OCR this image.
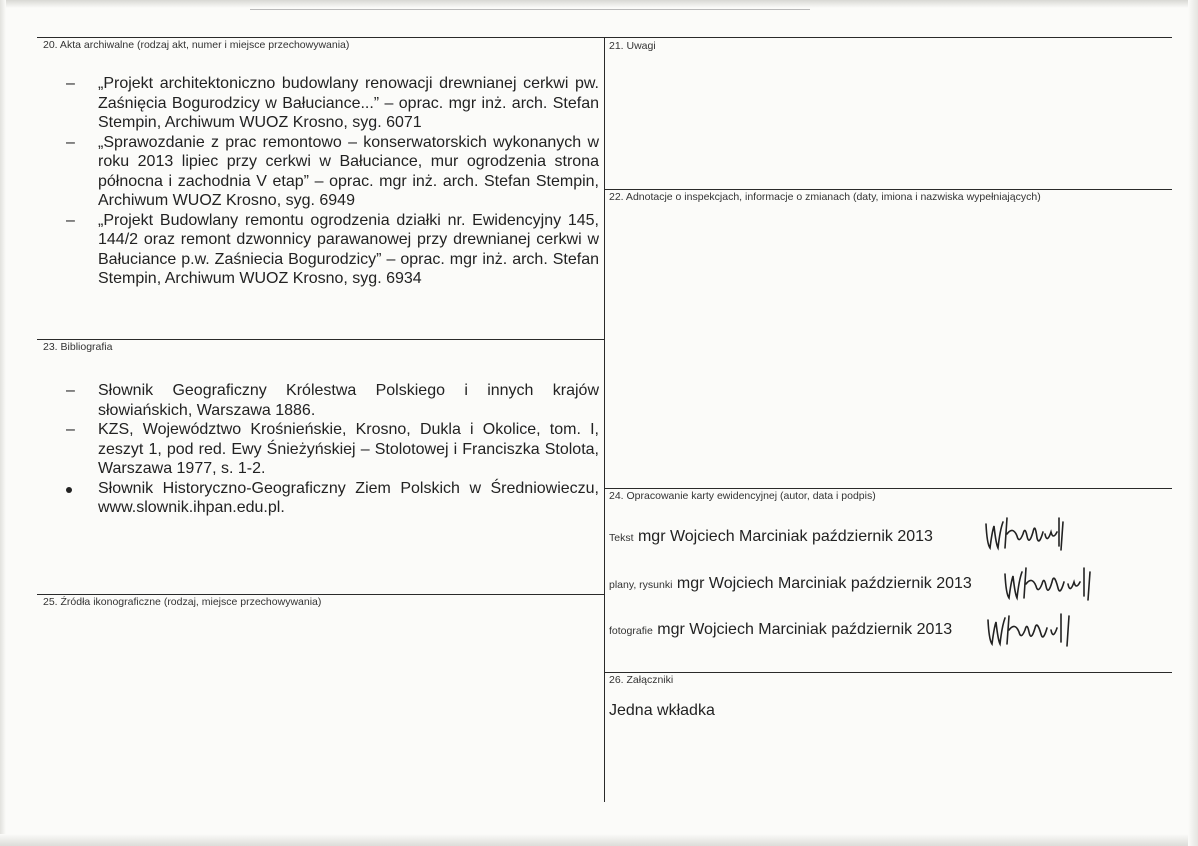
20. Akta archiwalne (rodzaj akt, numer i miejsce przechowywania)	21. Uwagi
22. Adnotacje o inspekcjach, informacje o zmianach (daty, imiona i nazwiska wypełniających)
23. Bibliografia
24. Opracowanie karty ewidencyjnej (autor, data i podpis)
25. Źródła ikonograficzne (rodzaj, miejsce przechowywania)
26. Załączniki
–	„Projekt architektoniczno budowlany renowacji drewnianej cerkwi pw. Zaśnięcia Bogurodzicy w Bałuciance...” – oprac. mgr inż. arch. Stefan Stempin, Archiwum WUOZ Krosno, syg. 6071
–	„Sprawozdanie z prac remontowo – konserwatorskich wykonanych w roku 2013 lipiec przy cerkwi w Bałuciance, mur ogrodzenia strona północna i zachodnia V etap” – oprac. mgr inż. arch. Stefan Stempin, Archiwum WUOZ Krosno, syg. 6949
–	„Projekt Budowlany remontu ogrodzenia działki nr. Ewidencyjny 145, 144/2 oraz remont dzwonnicy parawanowej przy drewnianej cerkwi w Bałuciance p.w. Zaśniecia Bogurodzicy” – oprac. mgr inż. arch. Stefan Stempin, Archiwum WUOZ Krosno, syg. 6934
–	Słownik Geograficzny Królestwa Polskiego i innych krajów słowiańskich, Warszawa 1886.
–	KZS, Województwo Krośnieńskie, Krosno, Dukla i Okolice, tom. I, zeszyt 1, pod red. Ewy Śnieżyńskiej – Stolotowej i Franciszka Stolota, Warszawa 1977, s. 1-2.
Słownik Historyczno-Geograficzny Ziem Polskich w Średniowieczu, www.slownik.ihpan.edu.pl.
Tekst mgr Wojciech Marciniak październik 2013
plany, rysunki mgr Wojciech Marciniak październik 2013
fotografie mgr Wojciech Marciniak październik 2013
Jedna wkładka
